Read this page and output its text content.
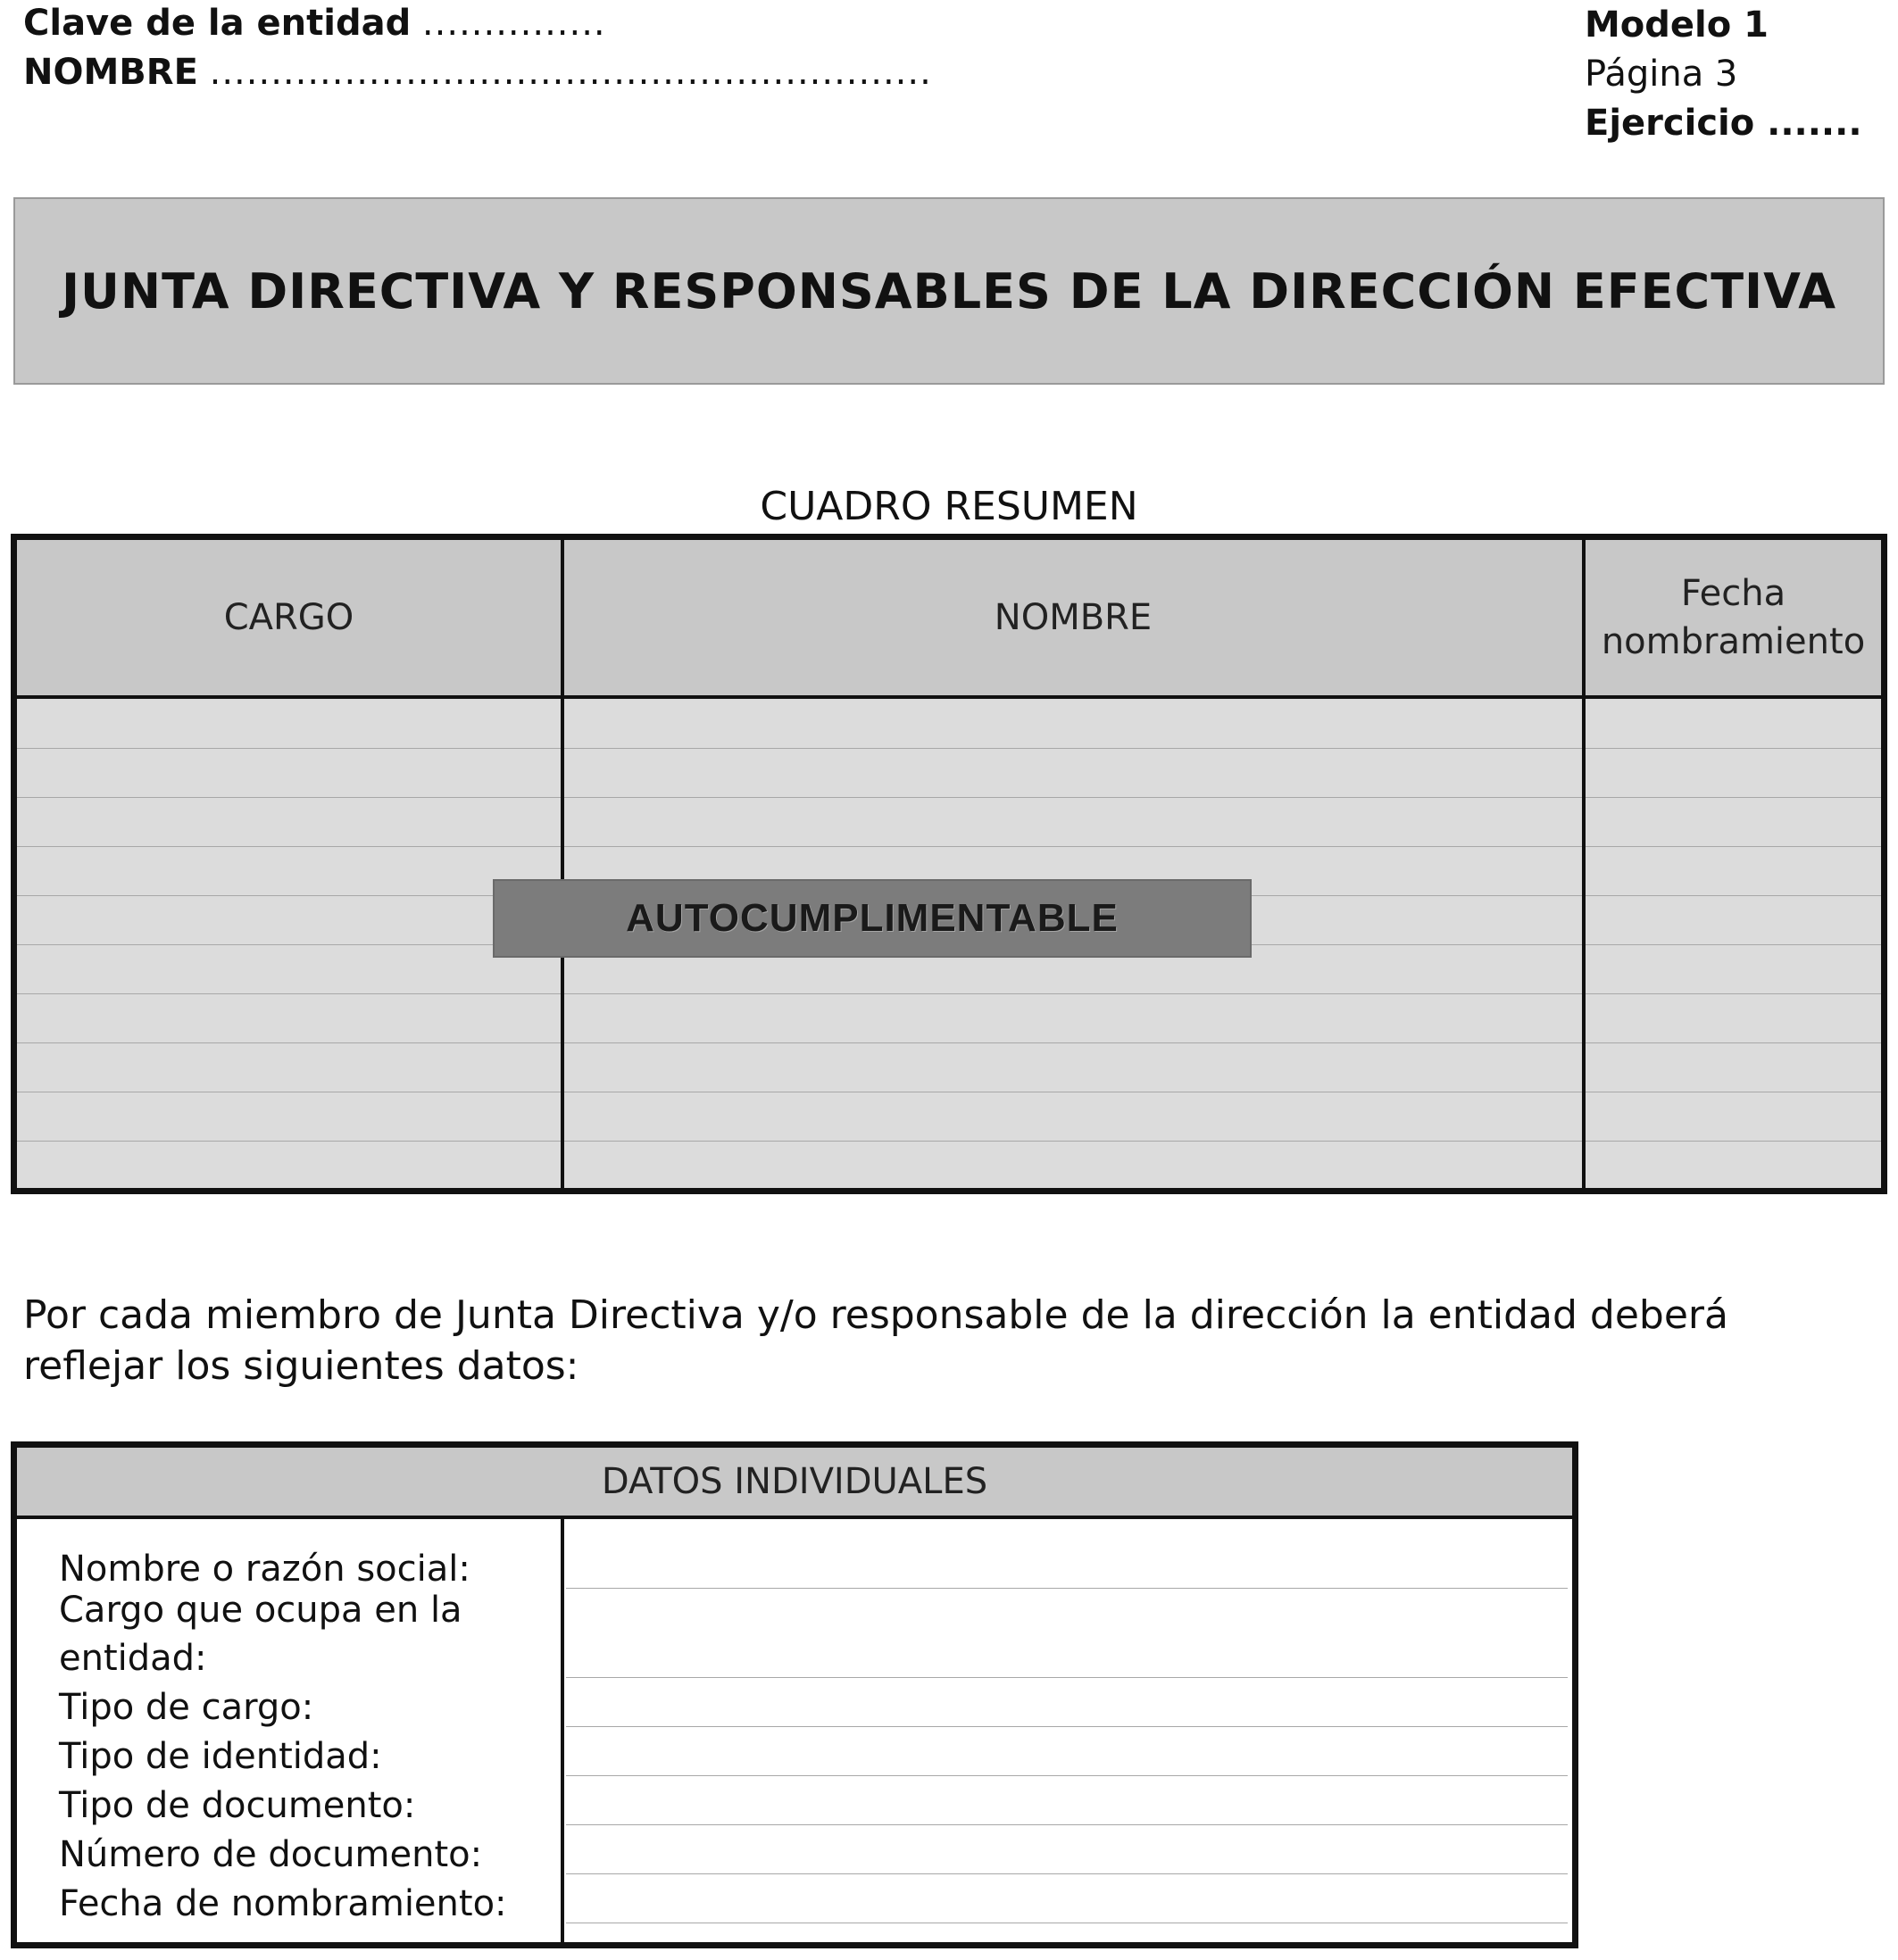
Clave de la entidad ...............
NOMBRE ...........................................................
Modelo 1
Página 3
Ejercicio .......
JUNTA DIRECTIVA Y RESPONSABLES DE LA DIRECCIÓN EFECTIVA
CUADRO RESUMEN
CARGO	NOMBRE
Fecha nombramiento
AUTOCUMPLIMENTABLE
Por cada miembro de Junta Directiva y/o responsable de la dirección la entidad deberá reflejar los siguientes datos:
DATOS INDIVIDUALES
Nombre o razón social:
Cargo que ocupa en la entidad:
Tipo de cargo:
Tipo de identidad:
Tipo de documento:
Número de documento:
Fecha de nombramiento:
